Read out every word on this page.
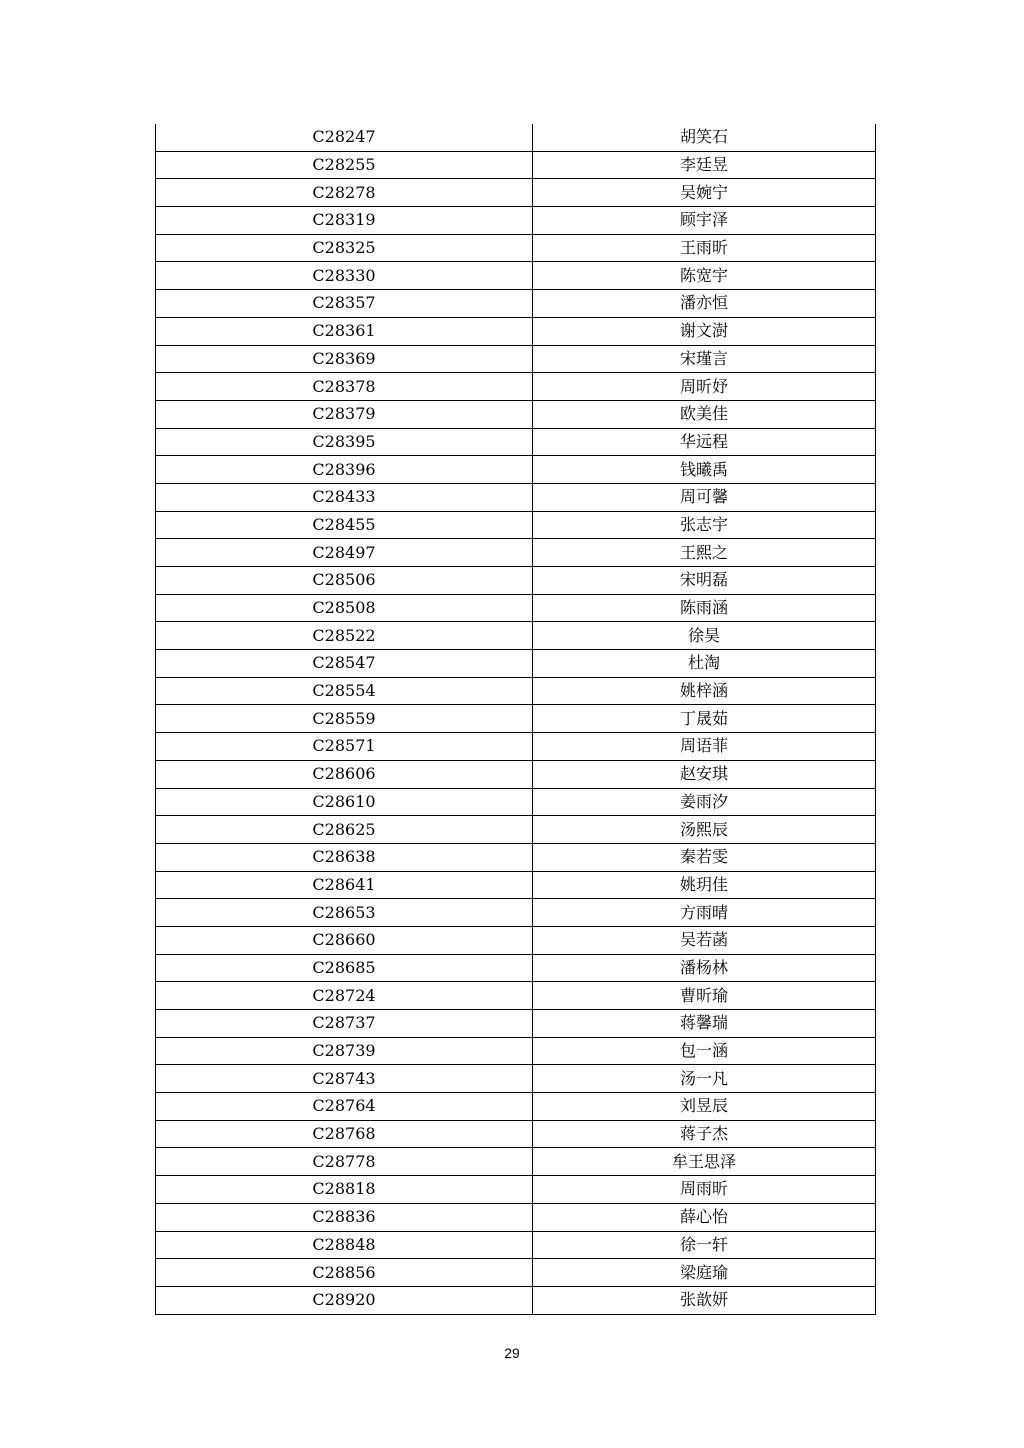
C28247	胡笑石
C28255	李廷昱
C28278	吴婉宁
C28319	顾宇泽
C28325	王雨昕
C28330	陈宽宇
C28357	潘亦恒
C28361	谢文澍
C28369	宋瑾言
C28378	周昕妤
C28379	欧美佳
C28395	华远程
C28396	钱曦禹
C28433	周可馨
C28455	张志宇
C28497	王熙之
C28506	宋明磊
C28508	陈雨涵
C28522	徐昊
C28547	杜淘
C28554	姚梓涵
C28559	丁晟茹
C28571	周语菲
C28606	赵安琪
C28610	姜雨汐
C28625	汤熙辰
C28638	秦若雯
C28641	姚玥佳
C28653	方雨晴
C28660	吴若菡
C28685	潘杨林
C28724	曹昕瑜
C28737	蒋馨瑞
C28739	包一涵
C28743	汤一凡
C28764	刘昱辰
C28768	蒋子杰
C28778	牟王思泽
C28818	周雨昕
C28836	薛心怡
C28848	徐一轩
C28856	梁庭瑜
C28920	张歆妍
29
